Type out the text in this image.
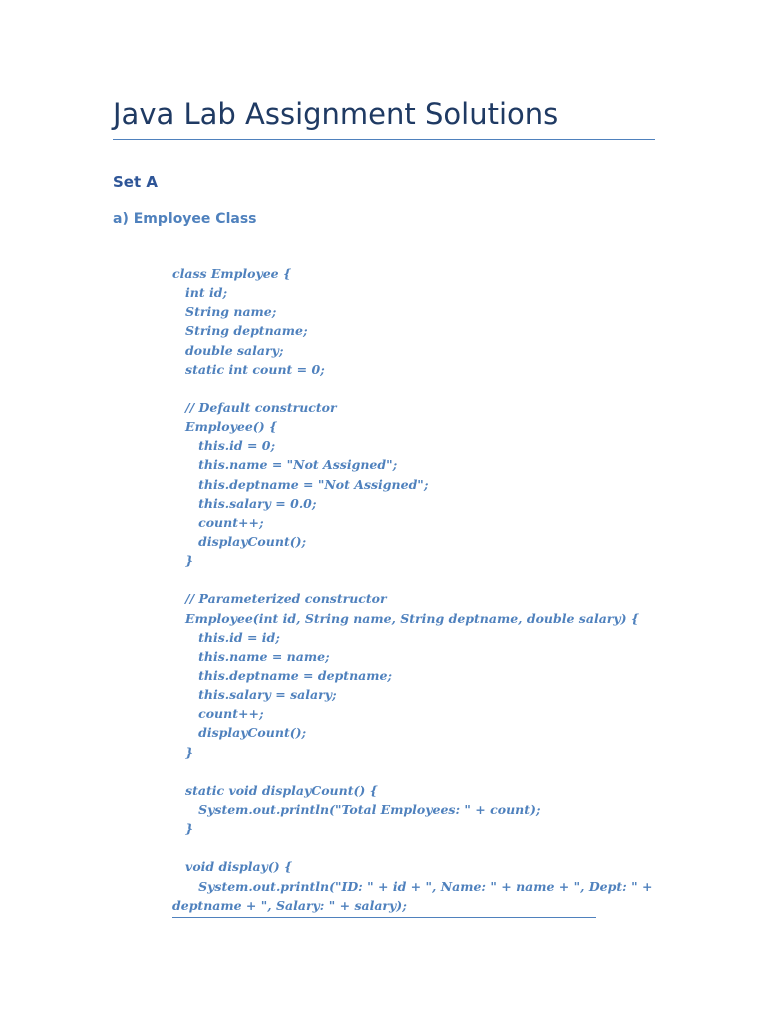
Java Lab Assignment Solutions
Set A
a) Employee Class
class Employee {
int id;
String name;
String deptname;
double salary;
static int count = 0;
// Default constructor
Employee() {
this.id = 0;
this.name = "Not Assigned";
this.deptname = "Not Assigned";
this.salary = 0.0;
count++;
displayCount();
}
// Parameterized constructor
Employee(int id, String name, String deptname, double salary) {
this.id = id;
this.name = name;
this.deptname = deptname;
this.salary = salary;
count++;
displayCount();
}
static void displayCount() {
System.out.println("Total Employees: " + count);
}
void display() {
System.out.println("ID: " + id + ", Name: " + name + ", Dept: " +
deptname + ", Salary: " + salary);
